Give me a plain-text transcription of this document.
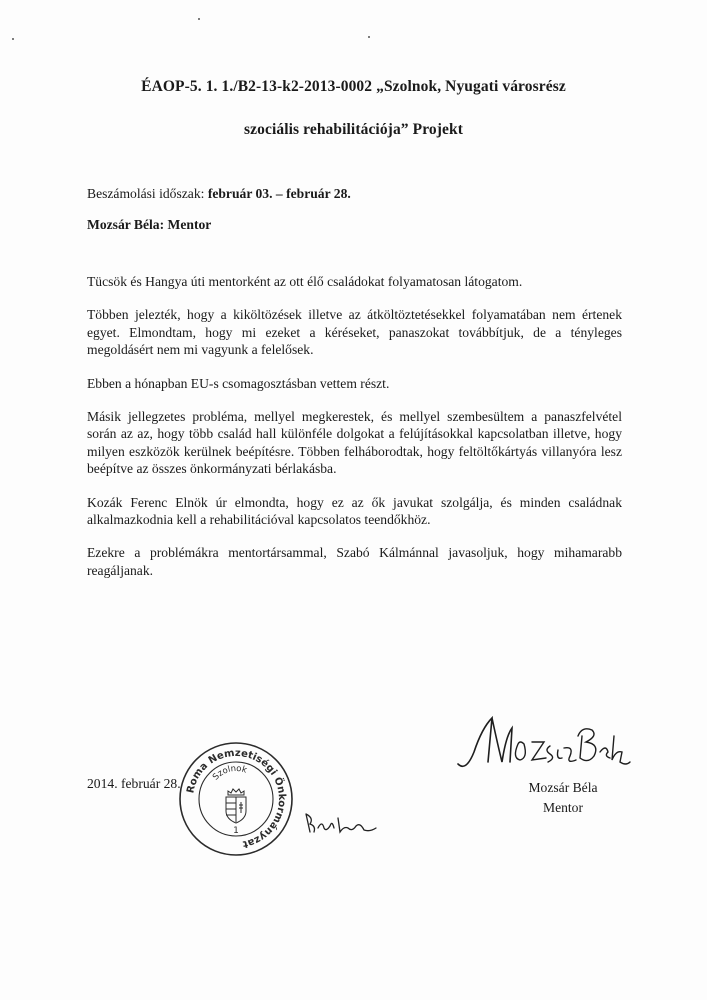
ÉAOP-5. 1. 1./B2-13-k2-2013-0002 „Szolnok, Nyugati városrész
szociális rehabilitációja” Projekt
Beszámolási időszak: február 03. – február 28.
Mozsár Béla: Mentor

Tücsök és Hangya úti mentorként az ott élő családokat folyamatosan látogatom.

Többen jelezték, hogy a kiköltözések illetve az átköltöztetésekkel folyamatában nem értenek egyet. Elmondtam, hogy mi ezeket a kéréseket, panaszokat továbbítjuk, de a tényleges megoldásért nem mi vagyunk a felelősek.

Ebben a hónapban EU-s csomagosztásban vettem részt.

Másik jellegzetes probléma, mellyel megkerestek, és mellyel szembesültem a panaszfelvétel során az az, hogy több család hall különféle dolgokat a felújításokkal kapcsolatban illetve, hogy milyen eszközök kerülnek beépítésre. Többen felháborodtak, hogy feltöltőkártyás villanyóra lesz beépítve az összes önkormányzati bérlakásba.

Kozák Ferenc Elnök úr elmondta, hogy ez az ők javukat szolgálja, és minden családnak alkalmazkodnia kell a rehabilitációval kapcsolatos teendőkhöz.

Ezekre a problémákra mentortársammal, Szabó Kálmánnal javasoljuk, hogy mihamarabb reagáljanak.

2014. február 28. Roma Nemzetiségi Önkormányzat
Szolnok
1
Mozsár Béla
Mentor
